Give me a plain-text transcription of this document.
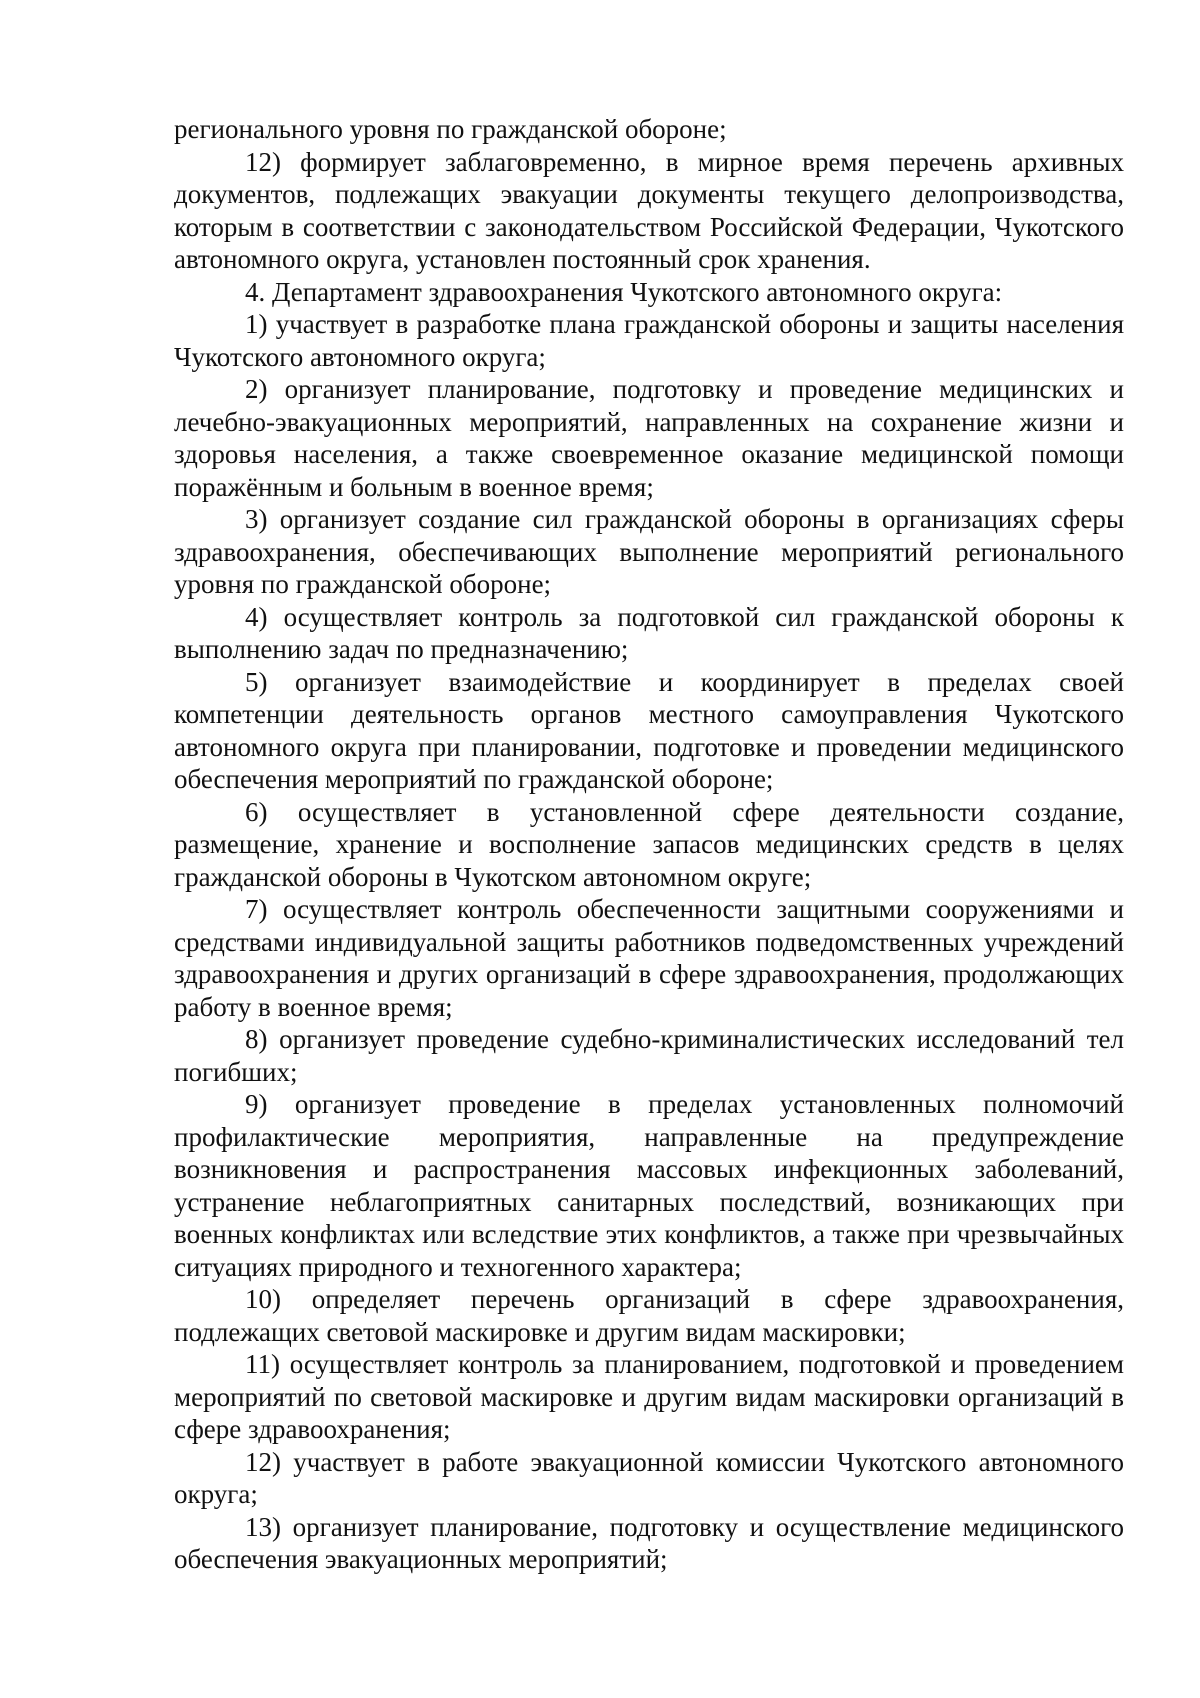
регионального уровня по гражданской обороне;

12) формирует заблаговременно, в мирное время перечень архивных документов, подлежащих эвакуации документы текущего делопроизводства, которым в соответствии с законодательством Российской Федерации, Чукотского автономного округа, установлен постоянный срок хранения.

4. Департамент здравоохранения Чукотского автономного округа:

1) участвует в разработке плана гражданской обороны и защиты населения Чукотского автономного округа;

2) организует планирование, подготовку и проведение медицинских и лечебно-эвакуационных мероприятий, направленных на сохранение жизни и здоровья населения, а также своевременное оказание медицинской помощи поражённым и больным в военное время;

3) организует создание сил гражданской обороны в организациях сферы здравоохранения, обеспечивающих выполнение мероприятий регионального уровня по гражданской обороне;

4) осуществляет контроль за подготовкой сил гражданской обороны к выполнению задач по предназначению;

5) организует взаимодействие и координирует в пределах своей компетенции деятельность органов местного самоуправления Чукотского автономного округа при планировании, подготовке и проведении медицинского обеспечения мероприятий по гражданской обороне;

6) осуществляет в установленной сфере деятельности создание, размещение, хранение и восполнение запасов медицинских средств в целях гражданской обороны в Чукотском автономном округе;

7) осуществляет контроль обеспеченности защитными сооружениями и средствами индивидуальной защиты работников подведомственных учреждений здравоохранения и других организаций в сфере здравоохранения, продолжающих работу в военное время;

8) организует проведение судебно-криминалистических исследований тел погибших;

9) организует проведение в пределах установленных полномочий профилактические мероприятия, направленные на предупреждение возникновения и распространения массовых инфекционных заболеваний, устранение неблагоприятных санитарных последствий, возникающих при военных конфликтах или вследствие этих конфликтов, а также при чрезвычайных ситуациях природного и техногенного характера;

10) определяет перечень организаций в сфере здравоохранения, подлежащих световой маскировке и другим видам маскировки;

11) осуществляет контроль за планированием, подготовкой и проведением мероприятий по световой маскировке и другим видам маскировки организаций в сфере здравоохранения;

12) участвует в работе эвакуационной комиссии Чукотского автономного округа;

13) организует планирование, подготовку и осуществление медицинского обеспечения эвакуационных мероприятий;
